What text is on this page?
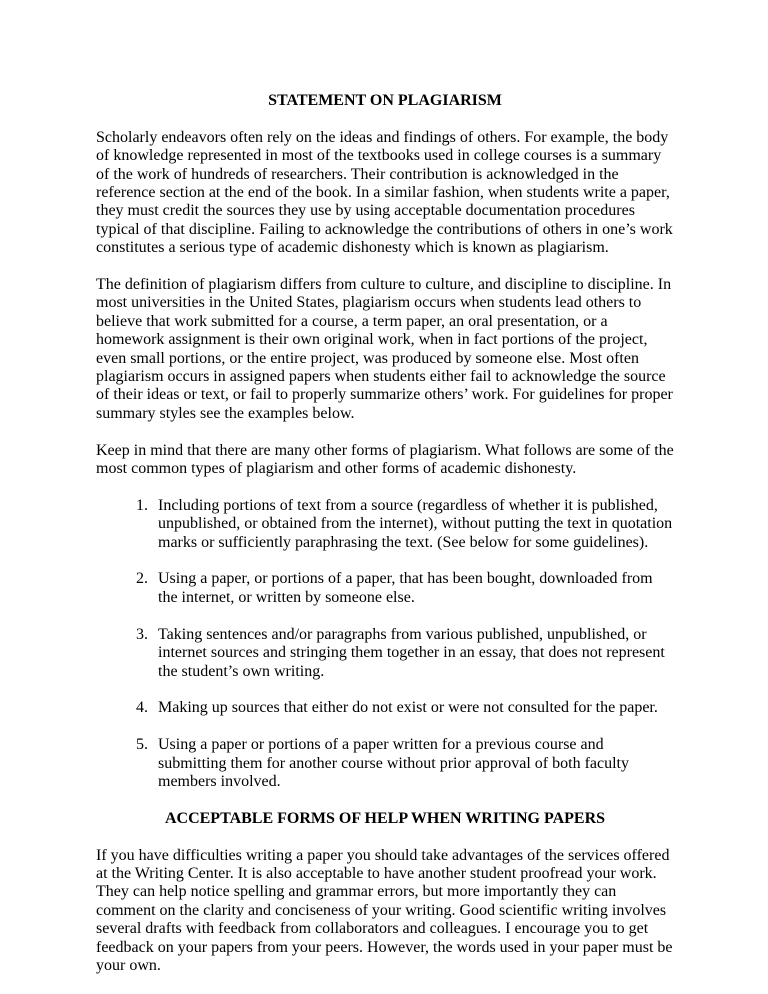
STATEMENT ON PLAGIARISM

Scholarly endeavors often rely on the ideas and findings of others. For example, the body of knowledge represented in most of the textbooks used in college courses is a summary of the work of hundreds of researchers. Their contribution is acknowledged in the reference section at the end of the book. In a similar fashion, when students write a paper, they must credit the sources they use by using acceptable documentation procedures typical of that discipline. Failing to acknowledge the contributions of others in one’s work constitutes a serious type of academic dishonesty which is known as plagiarism.

The definition of plagiarism differs from culture to culture, and discipline to discipline. In most universities in the United States, plagiarism occurs when students lead others to believe that work submitted for a course, a term paper, an oral presentation, or a homework assignment is their own original work, when in fact portions of the project, even small portions, or the entire project, was produced by someone else. Most often plagiarism occurs in assigned papers when students either fail to acknowledge the source of their ideas or text, or fail to properly summarize others’ work. For guidelines for proper summary styles see the examples below.

Keep in mind that there are many other forms of plagiarism. What follows are some of the most common types of plagiarism and other forms of academic dishonesty.

1. Including portions of text from a source (regardless of whether it is published, unpublished, or obtained from the internet), without putting the text in quotation marks or sufficiently paraphrasing the text. (See below for some guidelines).
2. Using a paper, or portions of a paper, that has been bought, downloaded from the internet, or written by someone else.
3. Taking sentences and/or paragraphs from various published, unpublished, or internet sources and stringing them together in an essay, that does not represent the student’s own writing.
4. Making up sources that either do not exist or were not consulted for the paper.
5. Using a paper or portions of a paper written for a previous course and submitting them for another course without prior approval of both faculty members involved.
ACCEPTABLE FORMS OF HELP WHEN WRITING PAPERS

If you have difficulties writing a paper you should take advantages of the services offered at the Writing Center. It is also acceptable to have another student proofread your work. They can help notice spelling and grammar errors, but more importantly they can comment on the clarity and conciseness of your writing. Good scientific writing involves several drafts with feedback from collaborators and colleagues. I encourage you to get feedback on your papers from your peers. However, the words used in your paper must be your own.
